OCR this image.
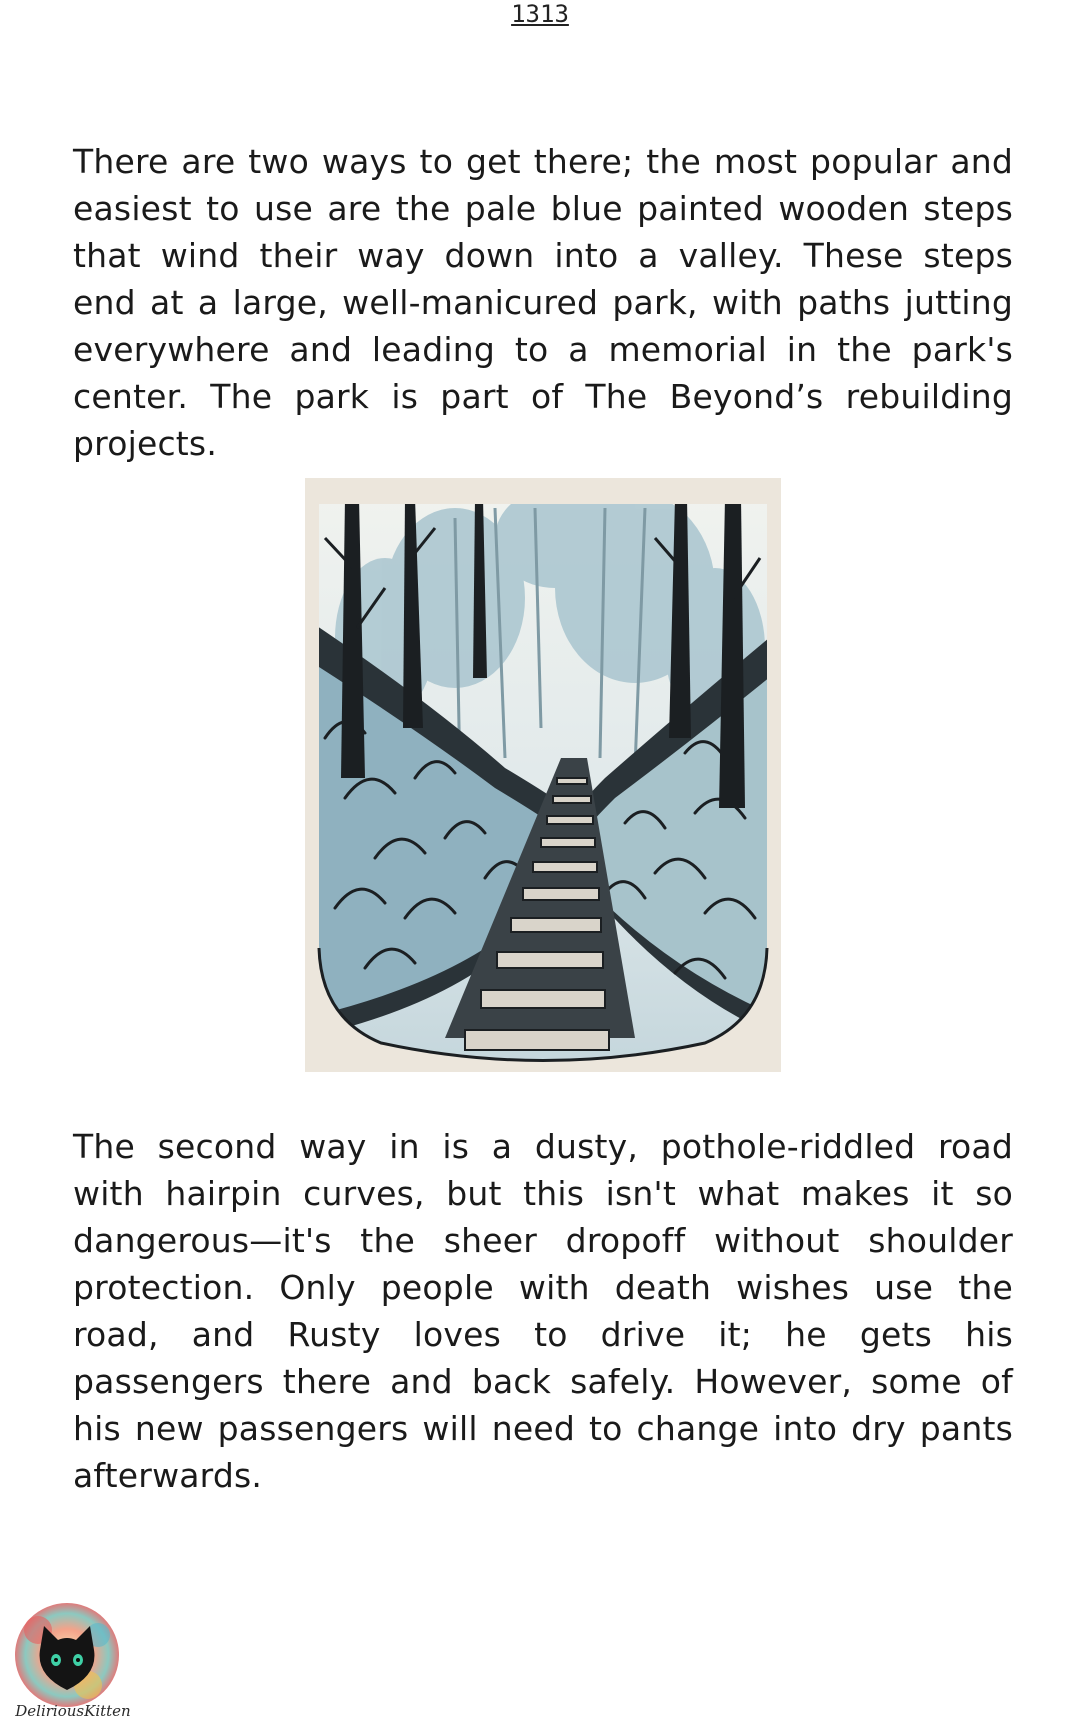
1313

There are two ways to get there; the most popular and easiest to use are the pale blue painted wooden steps that wind their way down into a valley. These steps end at a large, well-manicured park, with paths jutting everywhere and leading to a memorial in the park's center. The park is part of The Beyond’s rebuilding projects.

The second way in is a dusty, pothole-riddled road with hairpin curves, but this isn't what makes it so dangerous—it's the sheer dropoff without shoulder protection. Only people with death wishes use the road, and Rusty loves to drive it; he gets his passengers there and back safely. However, some of his new passengers will need to change into dry pants afterwards.

DeliriousKitten
